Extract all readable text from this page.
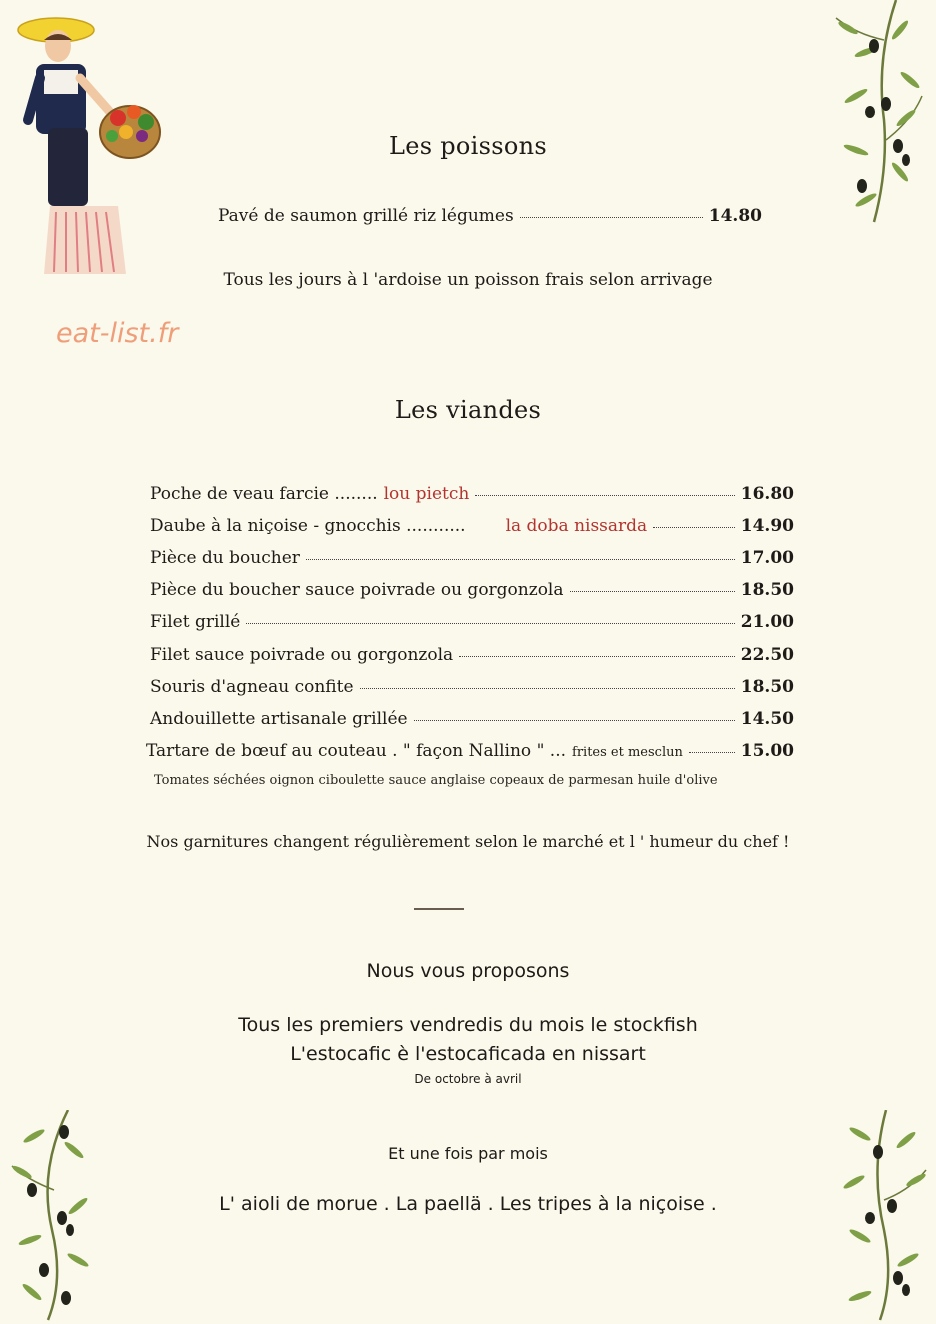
eat-list.fr
Les poissons
Pavé de saumon grillé riz légumes	14.80
Tous les jours à l 'ardoise un poisson frais selon arrivage
Les viandes
Poche de veau farcie ........ lou pietch	16.80
Daube à la niçoise - gnocchis ........... la doba nissarda	14.90
Pièce du boucher	17.00
Pièce du boucher sauce poivrade ou gorgonzola	18.50
Filet grillé	21.00
Filet sauce poivrade ou gorgonzola	22.50
Souris d'agneau confite	18.50
Andouillette artisanale grillée	14.50
Tartare de bœuf au couteau . " façon Nallino " ... frites et mesclun	15.00
Tomates séchées oignon ciboulette sauce anglaise copeaux de parmesan huile d'olive
Nos garnitures changent régulièrement selon le marché et l ' humeur du chef !
Nous vous proposons
Tous les premiers vendredis du mois le stockfish
L'estocafic è l'estocaficada en nissart
De octobre à avril
Et une fois par mois
L' aioli de morue . La paellä . Les tripes à la niçoise .
